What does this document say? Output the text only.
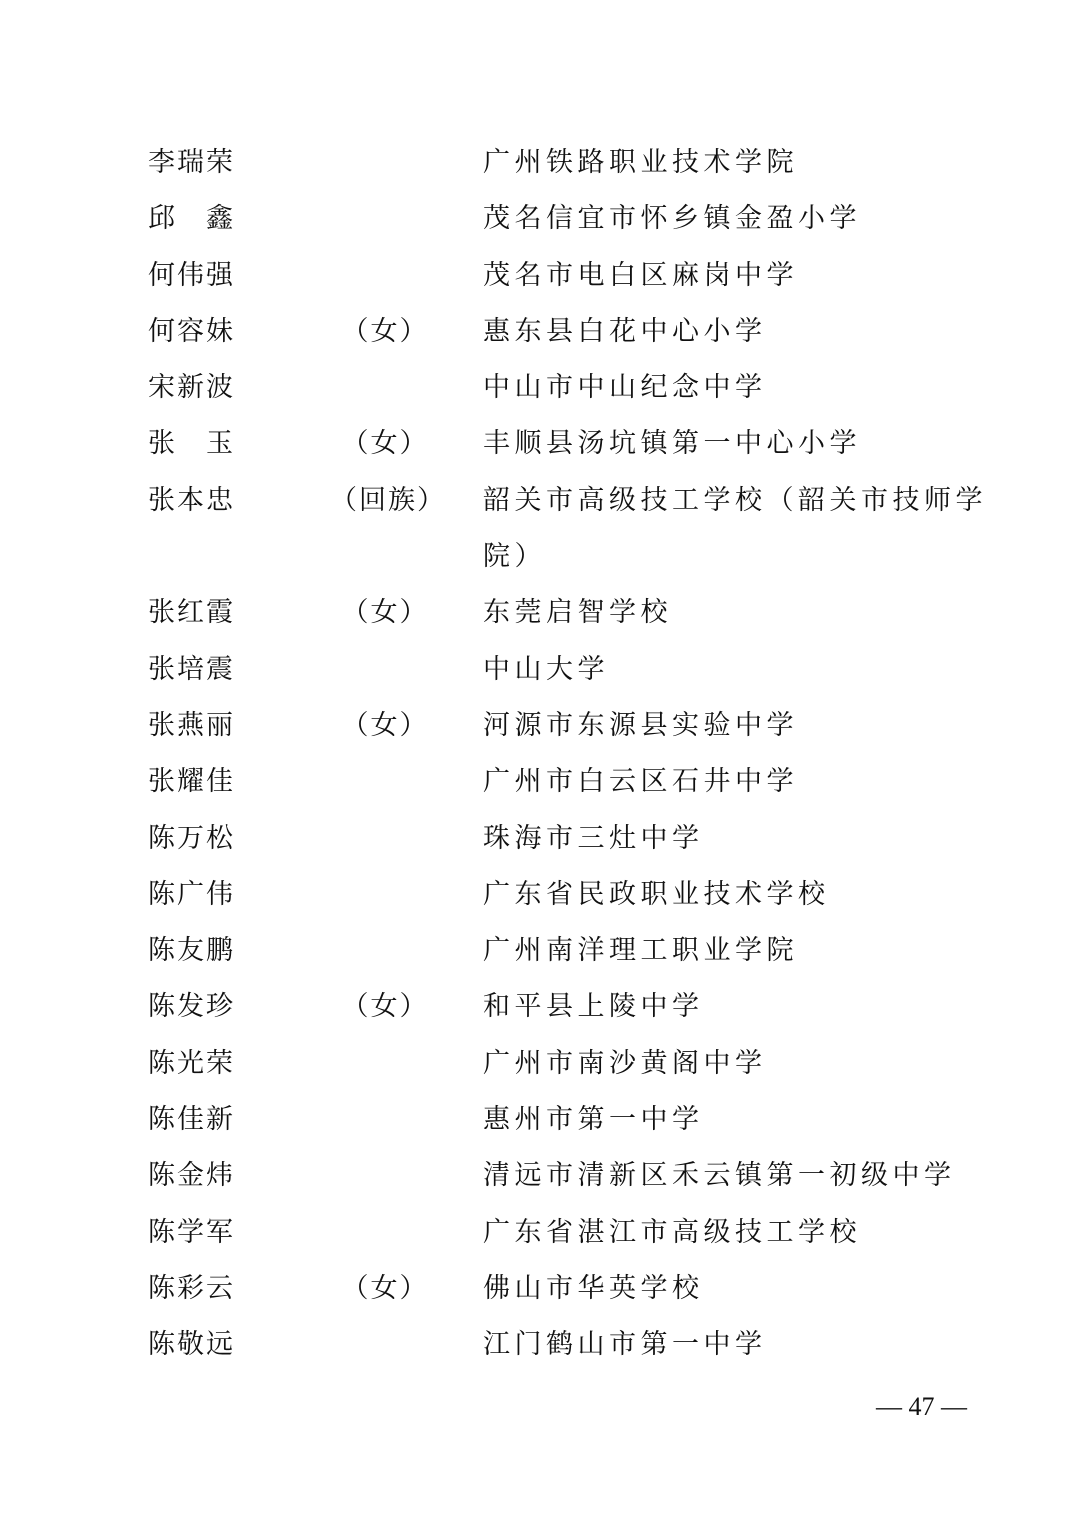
李瑞荣	广州铁路职业技术学院
邱　鑫	茂名信宜市怀乡镇金盈小学
何伟强	茂名市电白区麻岗中学
何容妹	（女）	惠东县白花中心小学
宋新波	中山市中山纪念中学
张　玉	（女）	丰顺县汤坑镇第一中心小学
张本忠	（回族） 韶关市高级技工学校（韶关市技师学
院）
张红霞	（女）	东莞启智学校
张培震	中山大学
张燕丽	（女）	河源市东源县实验中学
张耀佳	广州市白云区石井中学
陈万松	珠海市三灶中学
陈广伟	广东省民政职业技术学校
陈友鹏	广州南洋理工职业学院
陈发珍	（女）	和平县上陵中学
陈光荣	广州市南沙黄阁中学
陈佳新	惠州市第一中学
陈金炜	清远市清新区禾云镇第一初级中学
陈学军	广东省湛江市高级技工学校
陈彩云	（女）	佛山市华英学校
陈敬远	江门鹤山市第一中学
— 47 —
